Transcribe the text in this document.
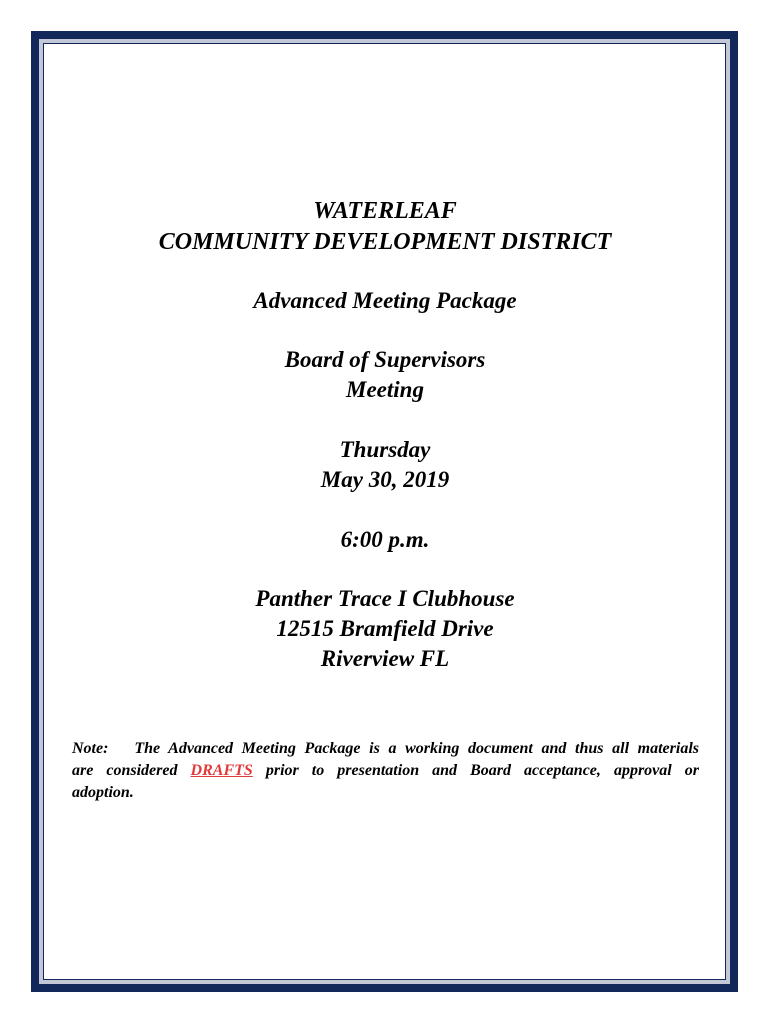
WATERLEAF
COMMUNITY DEVELOPMENT DISTRICT
Advanced Meeting Package
Board of Supervisors
Meeting
Thursday
May 30, 2019
6:00 p.m.
Panther Trace I Clubhouse
12515 Bramfield Drive
Riverview FL
Note: The Advanced Meeting Package is a working document and thus all materials are considered DRAFTS prior to presentation and Board acceptance, approval or adoption.
